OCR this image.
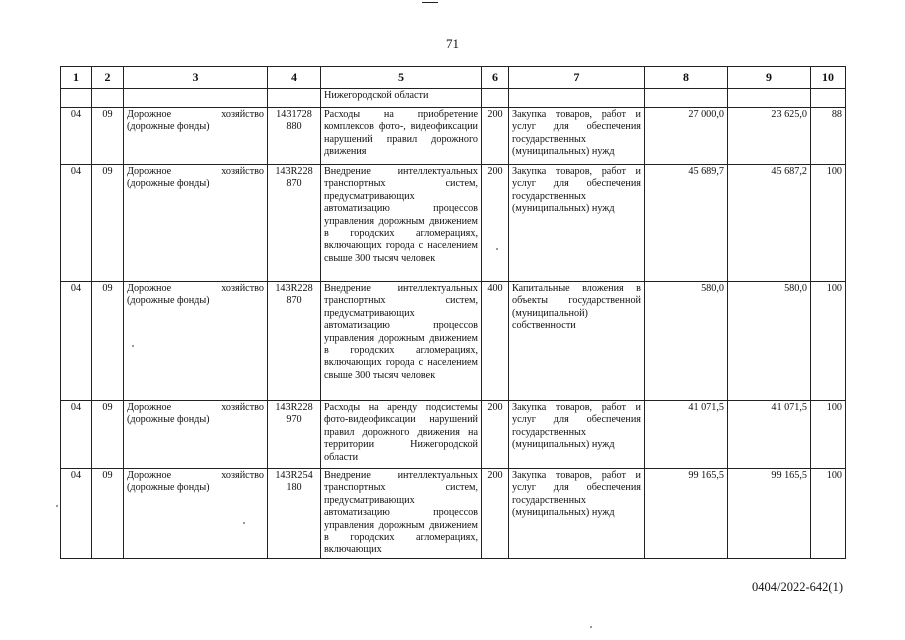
71
1	2	3	4	5	6	7	8	9	10
				Нижегородской области					
04	09	Дорожное хозяйство (дорожные фонды)	1431728 880	Расходы на приобретение комплексов фото-, видеофиксации нарушений правил дорожного движения	200	Закупка товаров, работ и услуг для обеспечения государственных (муниципальных) нужд	27 000,0	23 625,0	88
04	09	Дорожное хозяйство (дорожные фонды)	143R228 870	Внедрение интеллектуальных транспортных систем, предусматривающих автоматизацию процессов управления дорожным движением в городских агломерациях, включающих города с населением свыше 300 тысяч человек	200	Закупка товаров, работ и услуг для обеспечения государственных (муниципальных) нужд	45 689,7	45 687,2	100
04	09	Дорожное хозяйство (дорожные фонды)	143R228 870	Внедрение интеллектуальных транспортных систем, предусматривающих автоматизацию процессов управления дорожным движением в городских агломерациях, включающих города с населением свыше 300 тысяч человек	400	Капитальные вложения в объекты государственной (муниципальной) собственности	580,0	580,0	100
04	09	Дорожное хозяйство (дорожные фонды)	143R228 970	Расходы на аренду подсистемы фото-видеофиксации нарушений правил дорожного движения на территории Нижегородской области	200	Закупка товаров, работ и услуг для обеспечения государственных (муниципальных) нужд	41 071,5	41 071,5	100
04	09	Дорожное хозяйство (дорожные фонды)	143R254 180	Внедрение интеллектуальных транспортных систем, предусматривающих автоматизацию процессов управления дорожным движением в городских агломерациях, включающих	200	Закупка товаров, работ и услуг для обеспечения государственных (муниципальных) нужд	99 165,5	99 165,5	100
0404/2022-642(1)
